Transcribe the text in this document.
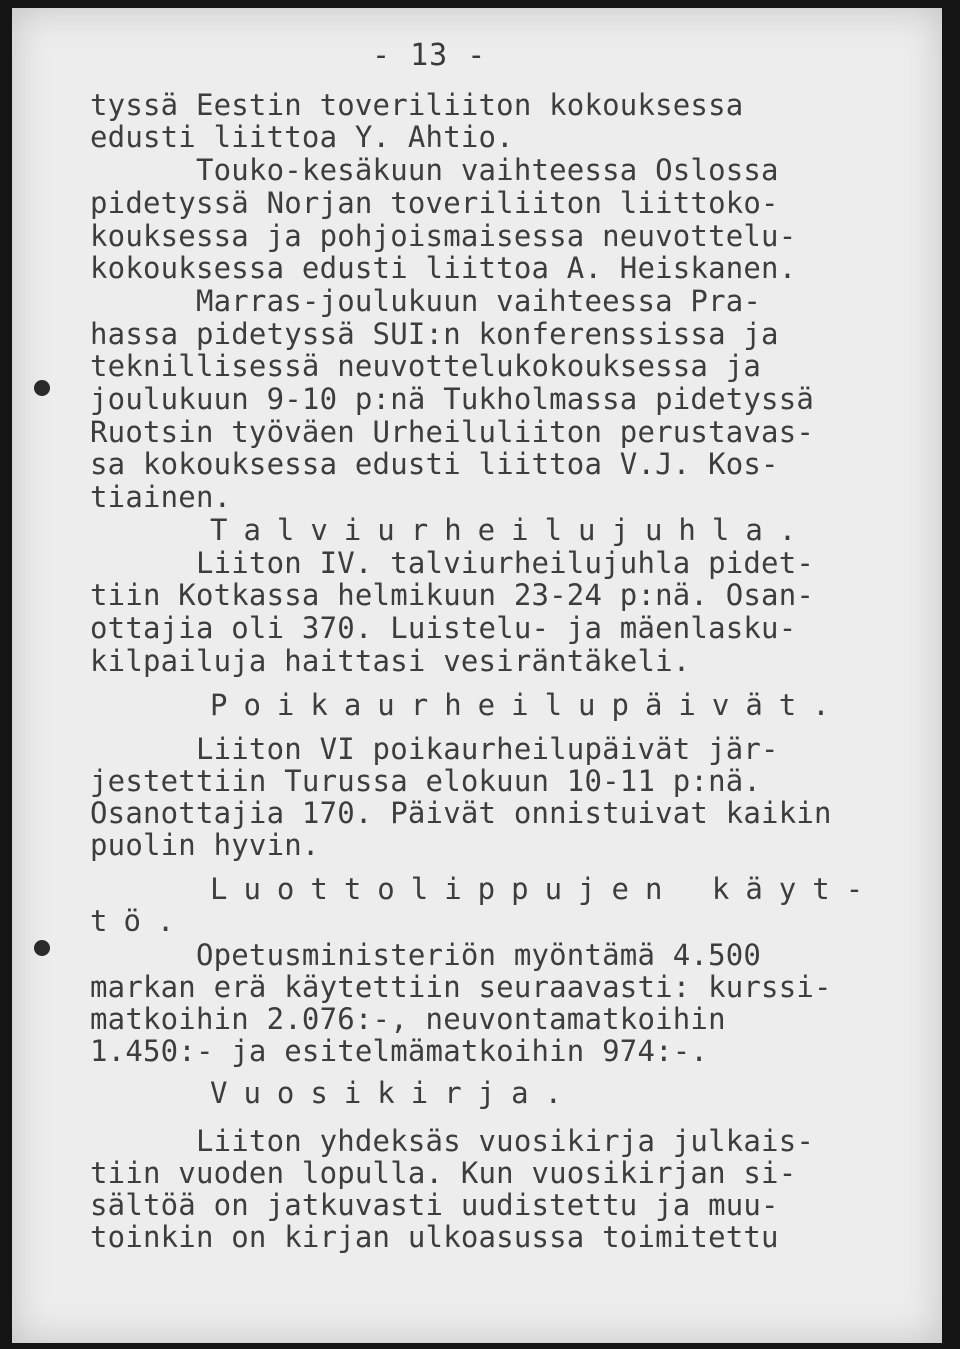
- 13 -
tyssä Eestin toveriliiton kokouksessa
edusti liittoa Y. Ahtio.
Touko-kesäkuun vaihteessa Oslossa
pidetyssä Norjan toveriliiton liittoko-
kouksessa ja pohjoismaisessa neuvottelu-
kokouksessa edusti liittoa A. Heiskanen.
Marras-joulukuun vaihteessa Pra-
hassa pidetyssä SUI:n konferenssissa ja
teknillisessä neuvottelukokouksessa ja
joulukuun 9-10 p:nä Tukholmassa pidetyssä
Ruotsin työväen Urheiluliiton perustavas-
sa kokouksessa edusti liittoa V.J. Kos-
tiainen.
Talviurheilujuhla.
Liiton IV. talviurheilujuhla pidet-
tiin Kotkassa helmikuun 23-24 p:nä. Osan-
ottajia oli 370. Luistelu- ja mäenlasku-
kilpailuja haittasi vesiräntäkeli.
Poikaurheilupäivät.
Liiton VI poikaurheilupäivät jär-
jestettiin Turussa elokuun 10-11 p:nä.
Osanottajia 170. Päivät onnistuivat kaikin
puolin hyvin.
Luottolippujen käyt-
tö.
Opetusministeriön myöntämä 4.500
markan erä käytettiin seuraavasti: kurssi-
matkoihin 2.076:-, neuvontamatkoihin
1.450:- ja esitelmämatkoihin 974:-.
Vuosikirja.
Liiton yhdeksäs vuosikirja julkais-
tiin vuoden lopulla. Kun vuosikirjan si-
sältöä on jatkuvasti uudistettu ja muu-
toinkin on kirjan ulkoasussa toimitettu
